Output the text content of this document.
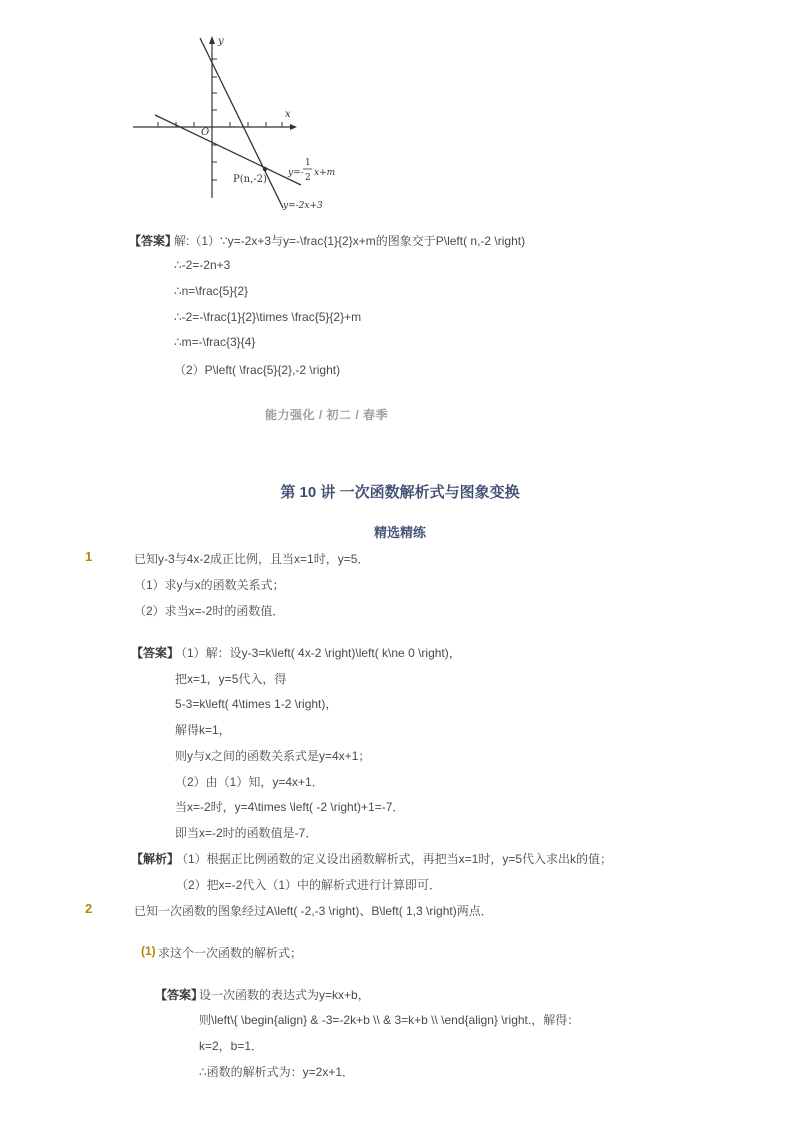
y
x
O
P(n,-2)
y=-
1
2 x+m
y=-2x+3
【答案】
解:（1）∵y=-2x+3与y=-\frac{1}{2}x+m的图象交于P\left( n,-2 \right)
∴-2=-2n+3
∴n=\frac{5}{2}
∴-2=-\frac{1}{2}\times \frac{5}{2}+m
∴m=-\frac{3}{4}
（2）P\left( \frac{5}{2},-2 \right)
能力强化 / 初二 / 春季
第 10 讲 一次函数解析式与图象变换
精选精练
1	已知y-3与4x-2成正比例，且当x=1时，y=5．
（1）求y与x的函数关系式；
（2）求当x=-2时的函数值．
【答案】
（1）解：设y-3=k\left( 4x-2 \right)\left( k\ne 0 \right)，
把x=1，y=5代入，得
5-3=k\left( 4\times 1-2 \right)，
解得k=1，
则y与x之间的函数关系式是y=4x+1；
（2）由（1）知，y=4x+1．
当x=-2时，y=4\times \left( -2 \right)+1=-7．
即当x=-2时的函数值是-7．
【解析】
（1）根据正比例函数的定义设出函数解析式，再把当x=1时，y=5代入求出k的值；
（2）把x=-2代入（1）中的解析式进行计算即可．
2	已知一次函数的图象经过A\left( -2,-3 \right)、B\left( 1,3 \right)两点．
(1) 求这个一次函数的解析式；
【答案】
设一次函数的表达式为y=kx+b，
则\left\{ \begin{align} & -3=-2k+b \\ & 3=k+b \\ \end{align} \right.，解得：
k=2，b=1．
∴函数的解析式为：y=2x+1．
